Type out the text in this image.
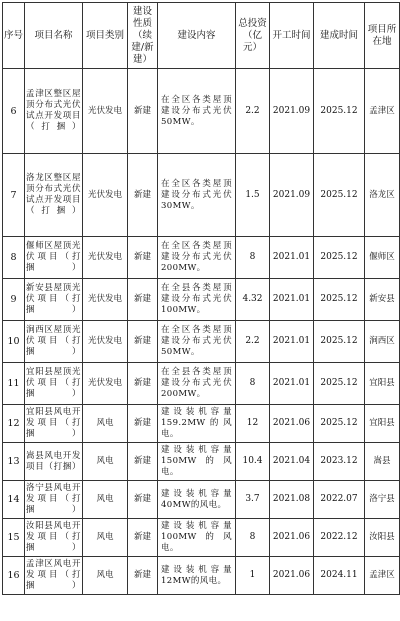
序号	项目名称	项目类别	建设性质（续建/新建）	建设内容	总投资（亿元）	开工时间	建成时间	项目所在地
6	孟津区整区屋顶分布式光伏试点开发项目（打捆）	光伏发电	新建	在全区各类屋顶建设分布式光伏50MW。	2.2	2021.09	2025.12	孟津区
7	洛龙区整区屋顶分布式光伏试点开发项目（打捆）	光伏发电	新建	在全区各类屋顶建设分布式光伏30MW。	1.5	2021.09	2025.12	洛龙区
8	偃师区屋顶光伏项目（打捆）	光伏发电	新建	在全区各类屋顶建设分布式光伏200MW。	8	2021.01	2025.12	偃师区
9	新安县屋顶光伏项目（打捆）	光伏发电	新建	在全县各类屋顶建设分布式光伏100MW。	4.32	2021.01	2025.12	新安县
10	涧西区屋顶光伏项目（打捆）	光伏发电	新建	在全区各类屋顶建设分布式光伏50MW。	2.2	2021.01	2025.12	涧西区
11	宜阳县屋顶光伏项目（打捆）	光伏发电	新建	在全县各类屋顶建设分布式光伏200MW。	8	2021.01	2025.12	宜阳县
12	宜阳县风电开发项目（打捆）	风电	新建	建设装机容量159.2MW的风电。	12	2021.06	2025.12	宜阳县
13	嵩县风电开发项目（打捆）	风电	新建	建设装机容量150MW的风电。	10.4	2021.04	2023.12	嵩县
14	洛宁县风电开发项目（打捆）	风电	新建	建设装机容量40MW的风电。	3.7	2021.08	2022.07	洛宁县
15	汝阳县风电开发项目（打捆）	风电	新建	建设装机容量100MW的风电。	8	2021.06	2022.12	汝阳县
16	孟津区风电开发项目（打捆）	风电	新建	建设装机容量12MW的风电。	1	2021.06	2024.11	孟津区
